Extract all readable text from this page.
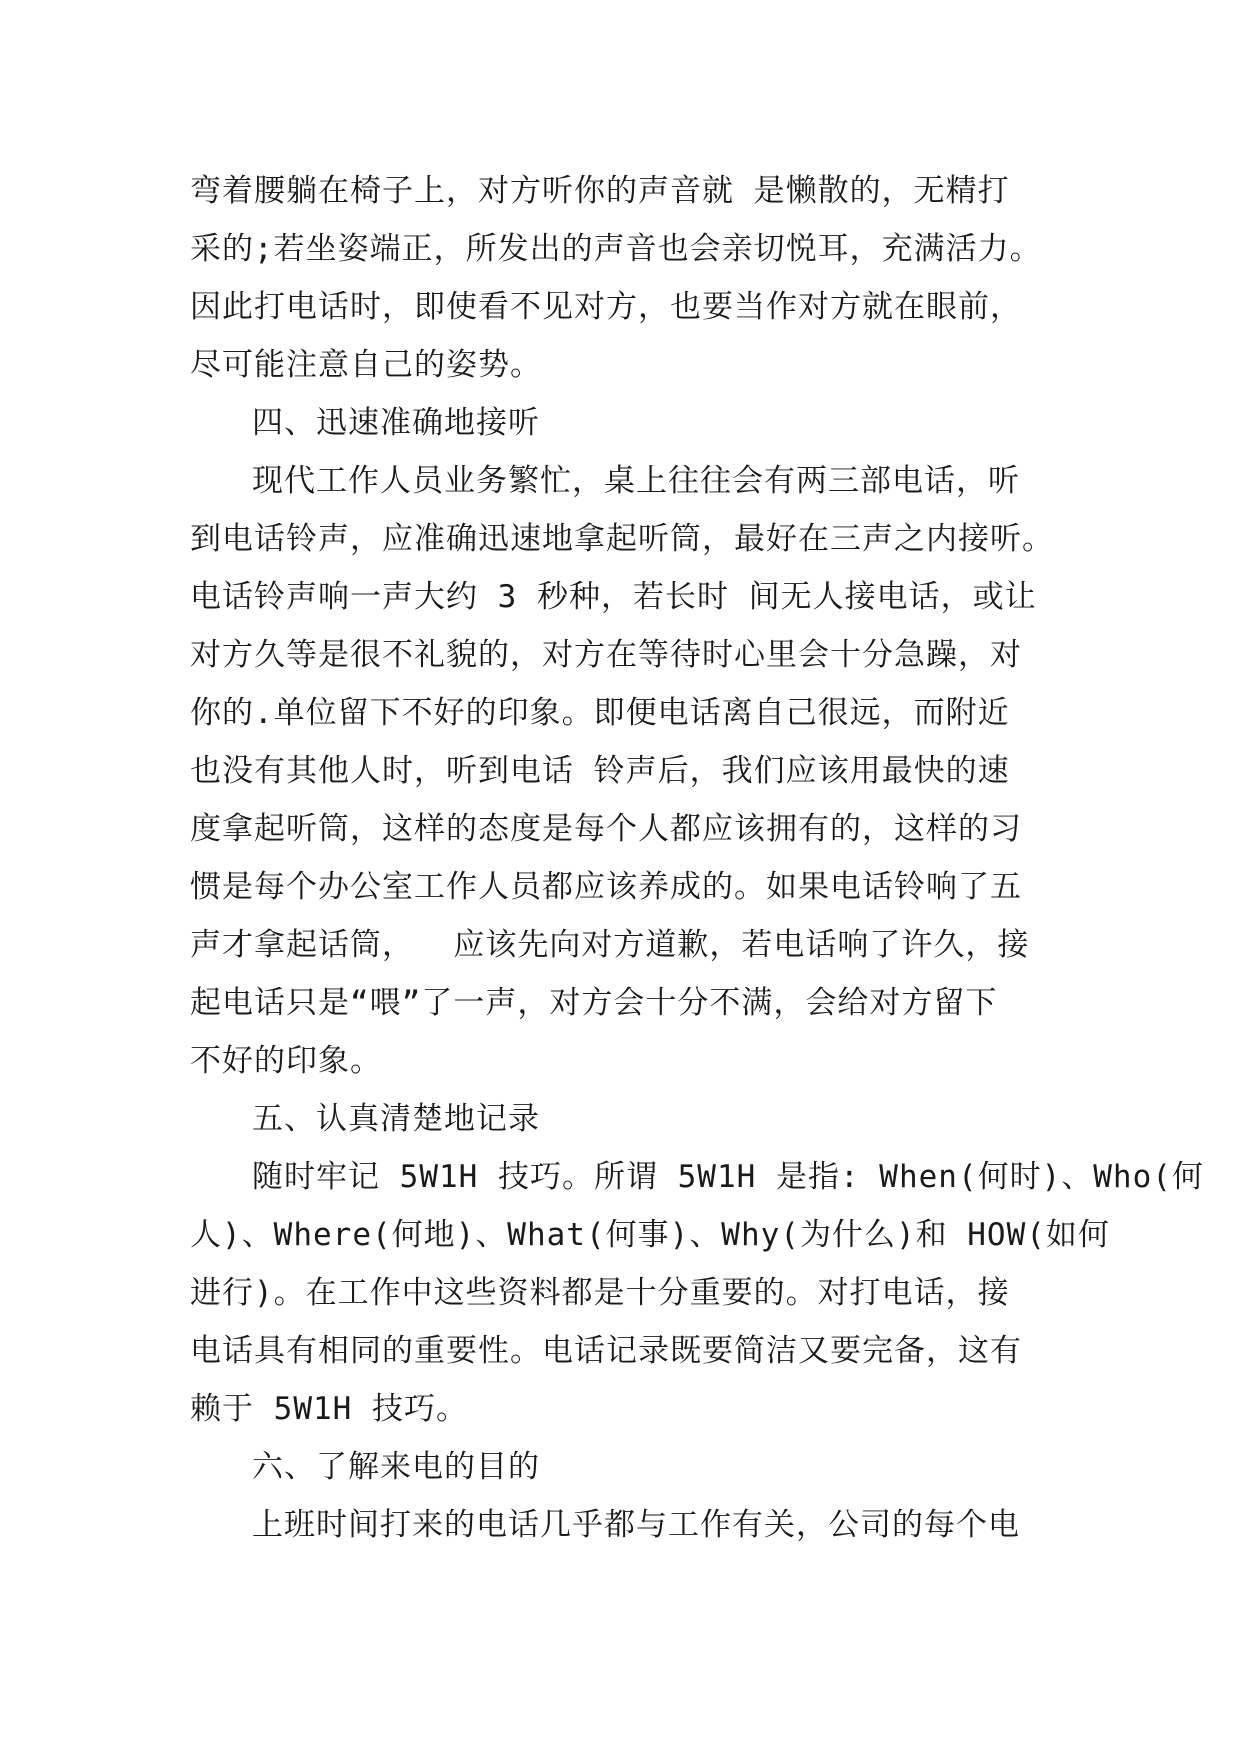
弯着腰躺在椅子上，对方听你的声音就 是懒散的，无精打
采的;若坐姿端正，所发出的声音也会亲切悦耳，充满活力。
因此打电话时，即使看不见对方，也要当作对方就在眼前，
尽可能注意自己的姿势。
四、迅速准确地接听
现代工作人员业务繁忙，桌上往往会有两三部电话，听
到电话铃声，应准确迅速地拿起听筒，最好在三声之内接听。
电话铃声响一声大约 3 秒种，若长时 间无人接电话，或让
对方久等是很不礼貌的，对方在等待时心里会十分急躁，对
你的.单位留下不好的印象。即便电话离自己很远，而附近
也没有其他人时，听到电话 铃声后，我们应该用最快的速
度拿起听筒，这样的态度是每个人都应该拥有的，这样的习
惯是每个办公室工作人员都应该养成的。如果电话铃响了五
声才拿起话筒，  应该先向对方道歉，若电话响了许久，接
起电话只是“喂”了一声，对方会十分不满，会给对方留下
不好的印象。
五、认真清楚地记录
随时牢记 5W1H 技巧。所谓 5W1H 是指: When(何时)、Who(何
人)、Where(何地)、What(何事)、Why(为什么)和 HOW(如何
进行)。在工作中这些资料都是十分重要的。对打电话，接
电话具有相同的重要性。电话记录既要简洁又要完备，这有
赖于 5W1H 技巧。
六、了解来电的目的
上班时间打来的电话几乎都与工作有关，公司的每个电
